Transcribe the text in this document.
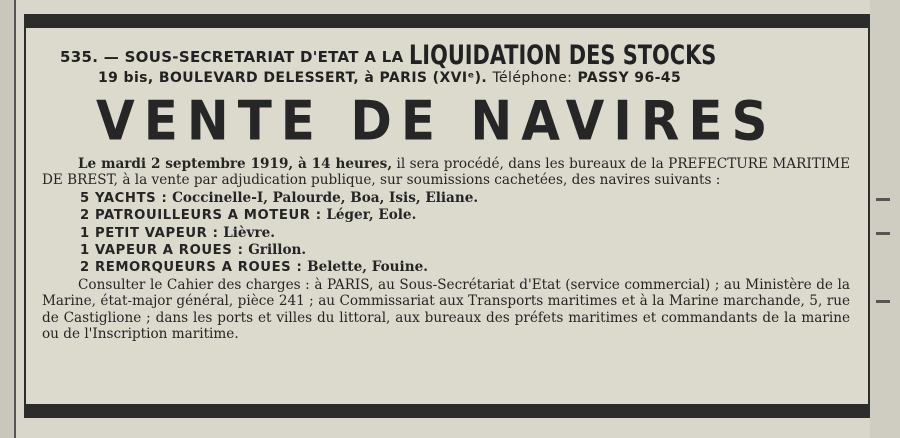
535. — SOUS-SECRETARIAT D'ETAT A LA LIQUIDATION DES STOCKS
19 bis, BOULEVARD DELESSERT, à PARIS (XVIᵉ). Téléphone: PASSY 96-45
VENTE DE NAVIRES

Le mardi 2 septembre 1919, à 14 heures, il sera procédé, dans les bureaux de la PREFECTURE MARITIME DE BREST, à la vente par adjudication publique, sur soumissions cachetées, des navires suivants :

5 YACHTS : Coccinelle-I, Palourde, Boa, Isis, Eliane.
2 PATROUILLEURS A MOTEUR : Léger, Eole.
1 PETIT VAPEUR : Lièvre.
1 VAPEUR A ROUES : Grillon.
2 REMORQUEURS A ROUES : Belette, Fouine.

Consulter le Cahier des charges : à PARIS, au Sous-Secrétariat d'Etat (service commercial) ; au Ministère de la Marine, état-major général, pièce 241 ; au Commissariat aux Transports maritimes et à la Marine marchande, 5, rue de Castiglione ; dans les ports et villes du littoral, aux bureaux des préfets maritimes et commandants de la marine ou de l'Inscription maritime.
